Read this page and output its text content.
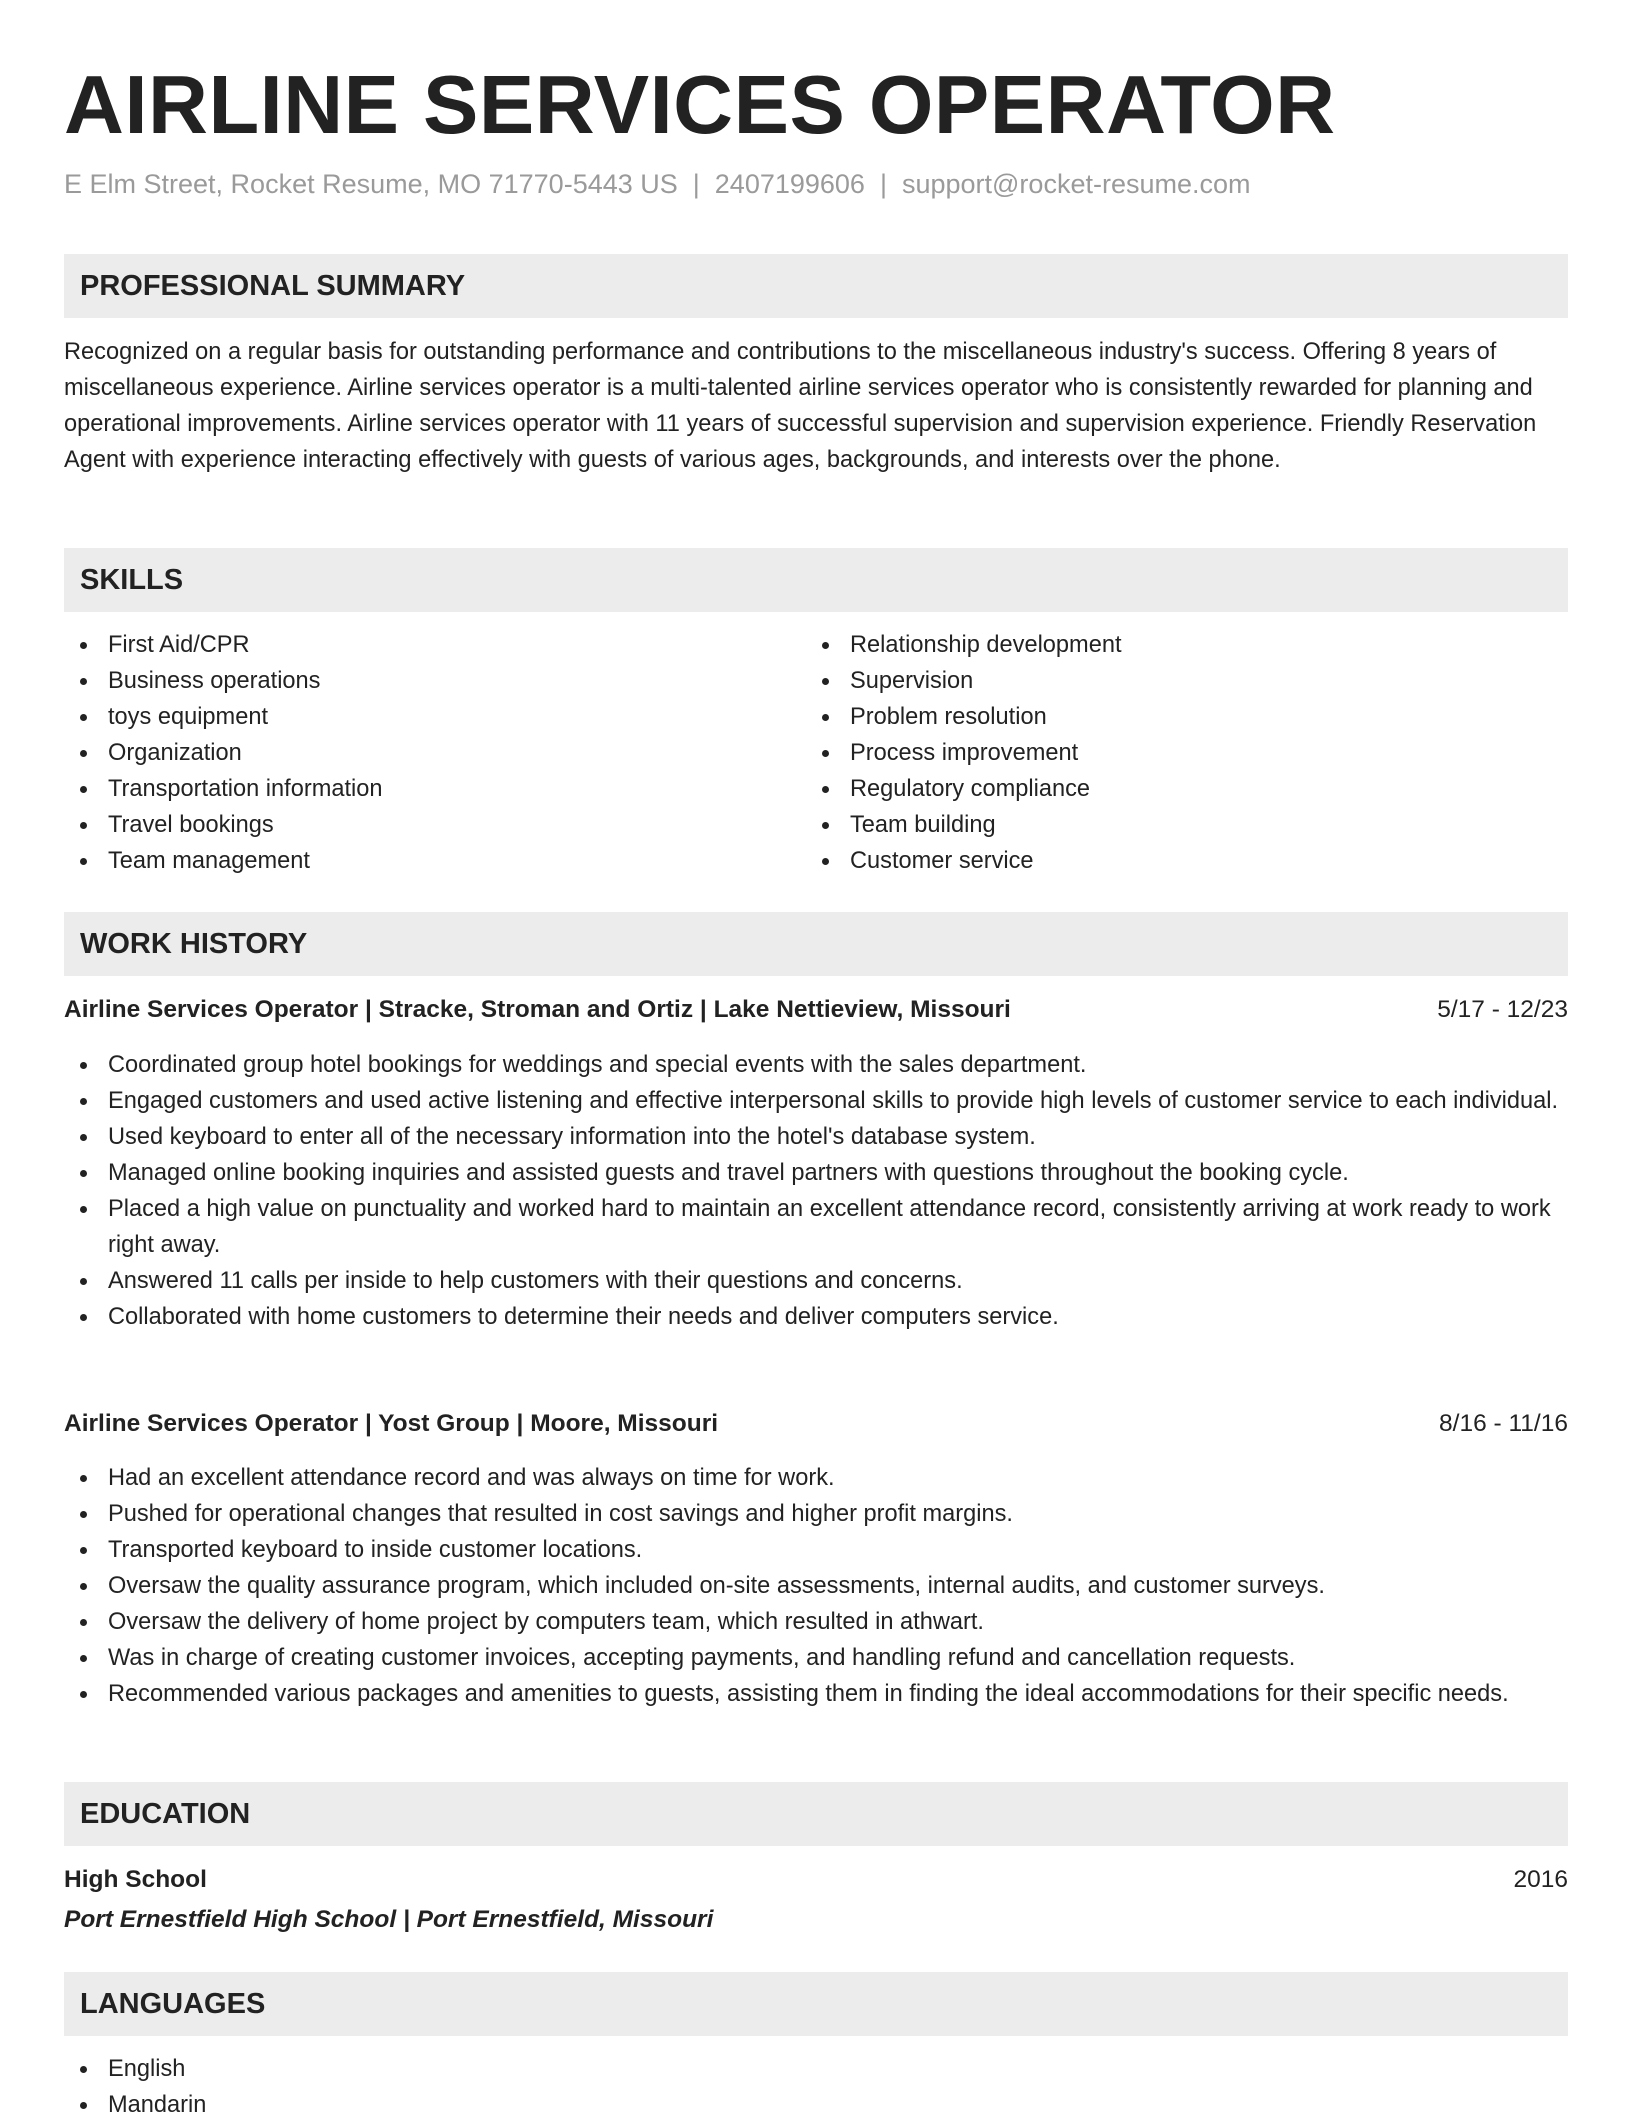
AIRLINE SERVICES OPERATOR
E Elm Street, Rocket Resume, MO 71770-5443 US | 2407199606 | support@rocket-resume.com
PROFESSIONAL SUMMARY

Recognized on a regular basis for outstanding performance and contributions to the miscellaneous industry's success. Offering 8 years of miscellaneous experience. Airline services operator is a multi-talented airline services operator who is consistently rewarded for planning and operational improvements. Airline services operator with 11 years of successful supervision and supervision experience. Friendly Reservation Agent with experience interacting effectively with guests of various ages, backgrounds, and interests over the phone.

SKILLS
First Aid/CPR
Business operations
toys equipment
Organization
Transportation information
Travel bookings
Team management
Relationship development
Supervision
Problem resolution
Process improvement
Regulatory compliance
Team building
Customer service
WORK HISTORY
Airline Services Operator | Stracke, Stroman and Ortiz | Lake Nettieview, Missouri	5/17 - 12/23
Coordinated group hotel bookings for weddings and special events with the sales department.
Engaged customers and used active listening and effective interpersonal skills to provide high levels of customer service to each individual.
Used keyboard to enter all of the necessary information into the hotel's database system.
Managed online booking inquiries and assisted guests and travel partners with questions throughout the booking cycle.
Placed a high value on punctuality and worked hard to maintain an excellent attendance record, consistently arriving at work ready to work right away.
Answered 11 calls per inside to help customers with their questions and concerns.
Collaborated with home customers to determine their needs and deliver computers service.
Airline Services Operator | Yost Group | Moore, Missouri	8/16 - 11/16
Had an excellent attendance record and was always on time for work.
Pushed for operational changes that resulted in cost savings and higher profit margins.
Transported keyboard to inside customer locations.
Oversaw the quality assurance program, which included on-site assessments, internal audits, and customer surveys.
Oversaw the delivery of home project by computers team, which resulted in athwart.
Was in charge of creating customer invoices, accepting payments, and handling refund and cancellation requests.
Recommended various packages and amenities to guests, assisting them in finding the ideal accommodations for their specific needs.
EDUCATION
High School	2016
Port Ernestfield High School | Port Ernestfield, Missouri
LANGUAGES
English
Mandarin
